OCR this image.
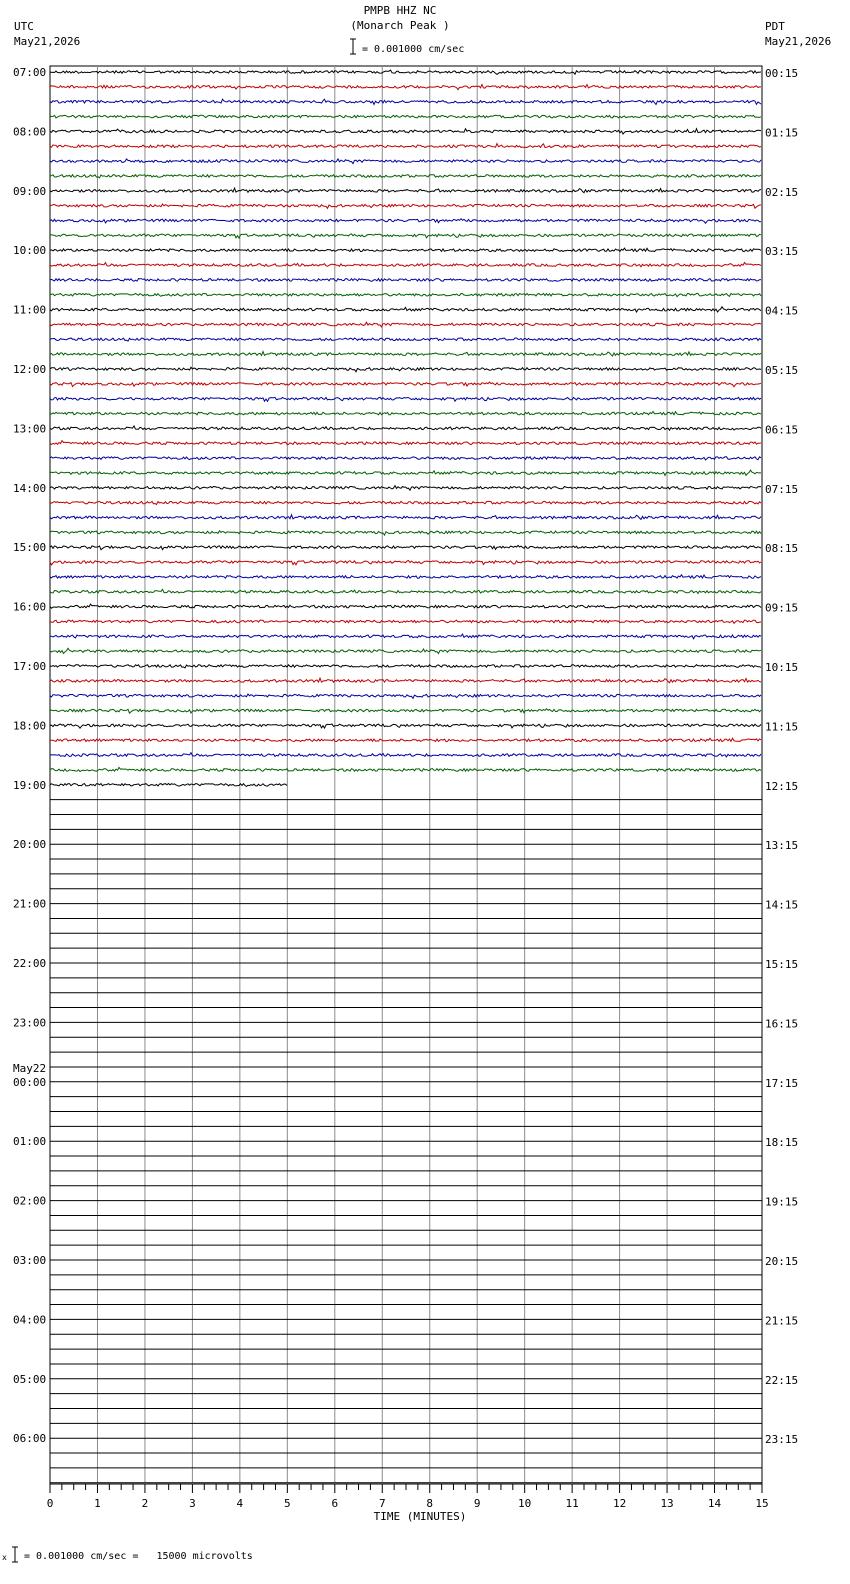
PMPB HHZ NC
(Monarch Peak )
= 0.001000 cm/sec
UTC
May21,2026
PDT
May21,2026
07:00
08:00
09:00
10:00
11:00
12:00
13:00
14:00
15:00
16:00
17:00
18:00
19:00
20:00
21:00
22:00
23:00
00:00
01:00
02:00
03:00
04:00
05:00
06:00
May22
00:15
01:15
02:15
03:15
04:15
05:15
06:15
07:15
08:15
09:15
10:15
11:15
12:15
13:15
14:15
15:15
16:15
17:15
18:15
19:15
20:15
21:15
22:15
23:15
0	1	2	3	4	5	6	7	8	9	10	11	12	13	14	15
TIME (MINUTES)
x = 0.001000 cm/sec =   15000 microvolts
